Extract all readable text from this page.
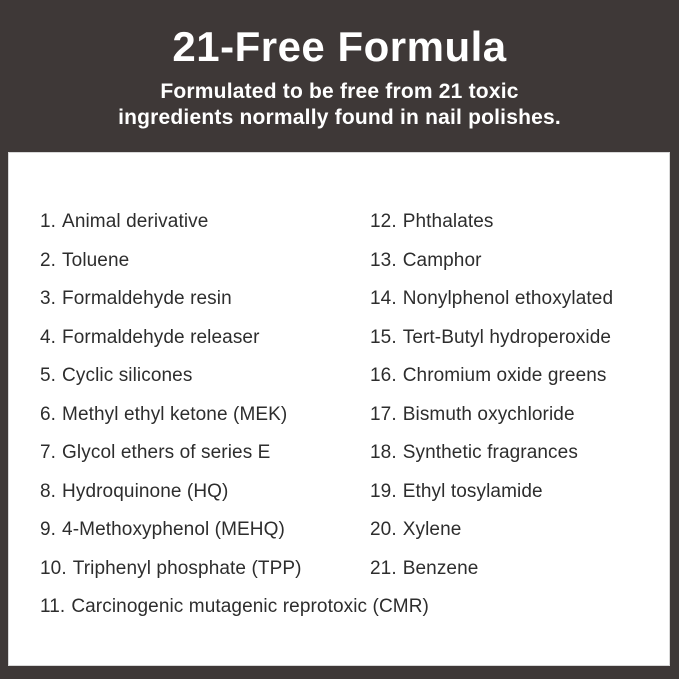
21-Free Formula
Formulated to be free from 21 toxic
ingredients normally found in nail polishes.
1. Animal derivative
2. Toluene
3. Formaldehyde resin
4. Formaldehyde releaser
5. Cyclic silicones
6. Methyl ethyl ketone (MEK)
7. Glycol ethers of series E
8. Hydroquinone (HQ)
9. 4-Methoxyphenol (MEHQ)
10. Triphenyl phosphate (TPP)
11. Carcinogenic mutagenic reprotoxic (CMR)
12. Phthalates
13. Camphor
14. Nonylphenol ethoxylated
15. Tert-Butyl hydroperoxide
16. Chromium oxide greens
17. Bismuth oxychloride
18. Synthetic fragrances
19. Ethyl tosylamide
20. Xylene
21. Benzene
